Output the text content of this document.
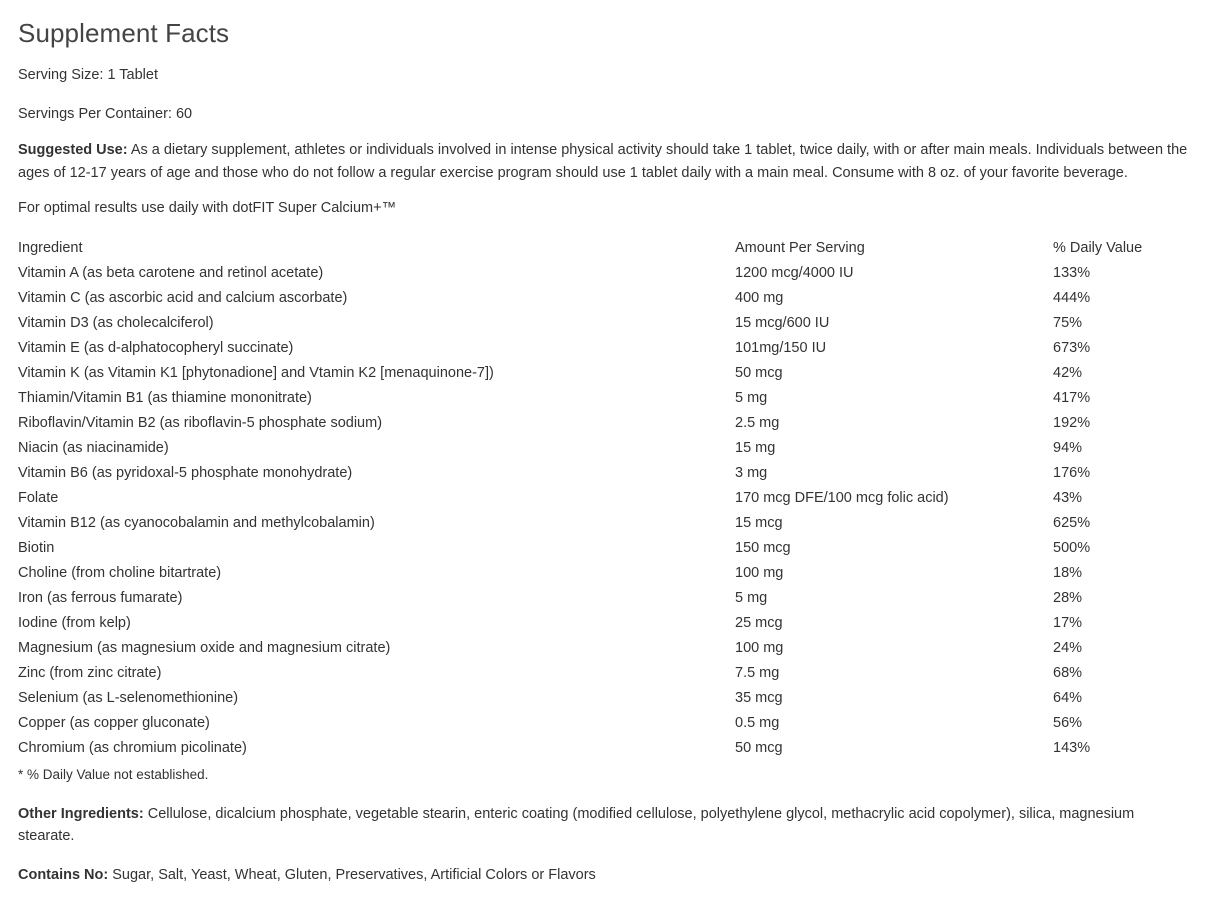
Supplement Facts

Serving Size: 1 Tablet

Servings Per Container: 60

Suggested Use: As a dietary supplement, athletes or individuals involved in intense physical activity should take 1 tablet, twice daily, with or after main meals. Individuals between the ages of 12-17 years of age and those who do not follow a regular exercise program should use 1 tablet daily with a main meal. Consume with 8 oz. of your favorite beverage.

For optimal results use daily with dotFIT Super Calcium+™

Ingredient	Amount Per Serving	% Daily Value
Vitamin A (as beta carotene and retinol acetate)	1200 mcg/4000 IU	133%
Vitamin C (as ascorbic acid and calcium ascorbate)	400 mg	444%
Vitamin D3 (as cholecalciferol)	15 mcg/600 IU	75%
Vitamin E (as d-alphatocopheryl succinate)	101mg/150 IU	673%
Vitamin K (as Vitamin K1 [phytonadione] and Vtamin K2 [menaquinone-7])	50 mcg	42%
Thiamin/Vitamin B1 (as thiamine mononitrate)	5 mg	417%
Riboflavin/Vitamin B2 (as riboflavin-5 phosphate sodium)	2.5 mg	192%
Niacin (as niacinamide)	15 mg	94%
Vitamin B6 (as pyridoxal-5 phosphate monohydrate)	3 mg	176%
Folate	170 mcg DFE/100 mcg folic acid)	43%
Vitamin B12 (as cyanocobalamin and methylcobalamin)	15 mcg	625%
Biotin	150 mcg	500%
Choline (from choline bitartrate)	100 mg	18%
Iron (as ferrous fumarate)	5 mg	28%
Iodine (from kelp)	25 mcg	17%
Magnesium (as magnesium oxide and magnesium citrate)	100 mg	24%
Zinc (from zinc citrate)	7.5 mg	68%
Selenium (as L-selenomethionine)	35 mcg	64%
Copper (as copper gluconate)	0.5 mg	56%
Chromium (as chromium picolinate)	50 mcg	143%

* % Daily Value not established.

Other Ingredients: Cellulose, dicalcium phosphate, vegetable stearin, enteric coating (modified cellulose, polyethylene glycol, methacrylic acid copolymer), silica, magnesium stearate.

Contains No: Sugar, Salt, Yeast, Wheat, Gluten, Preservatives, Artificial Colors or Flavors
